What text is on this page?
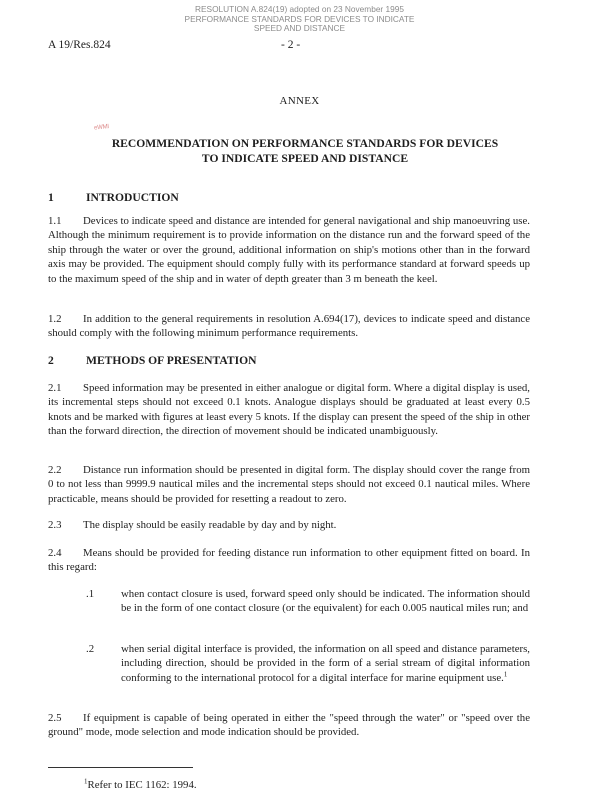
RESOLUTION A.824(19) adopted on 23 November 1995
PERFORMANCE STANDARDS FOR DEVICES TO INDICATE
SPEED AND DISTANCE
A 19/Res.824	- 2 -
ANNEX
ᵉᵂᴹᴵ
RECOMMENDATION ON PERFORMANCE STANDARDS FOR DEVICES
TO INDICATE SPEED AND DISTANCE
1	INTRODUCTION
1.1 Devices to indicate speed and distance are intended for general navigational and ship manoeuvring use. Although the minimum requirement is to provide information on the distance run and the forward speed of the ship through the water or over the ground, additional information on ship's motions other than in the forward axis may be provided. The equipment should comply fully with its performance standard at forward speeds up to the maximum speed of the ship and in water of depth greater than 3 m beneath the keel.
1.2 In addition to the general requirements in resolution A.694(17), devices to indicate speed and distance should comply with the following minimum performance requirements.
2	METHODS OF PRESENTATION
2.1 Speed information may be presented in either analogue or digital form. Where a digital display is used, its incremental steps should not exceed 0.1 knots. Analogue displays should be graduated at least every 0.5 knots and be marked with figures at least every 5 knots. If the display can present the speed of the ship in other than the forward direction, the direction of movement should be indicated unambiguously.
2.2 Distance run information should be presented in digital form. The display should cover the range from 0 to not less than 9999.9 nautical miles and the incremental steps should not exceed 0.1 nautical miles. Where practicable, means should be provided for resetting a readout to zero.
2.3 The display should be easily readable by day and by night.
2.4 Means should be provided for feeding distance run information to other equipment fitted on board. In this regard:
.1 when contact closure is used, forward speed only should be indicated. The information should be in the form of one contact closure (or the equivalent) for each 0.005 nautical miles run; and
.2 when serial digital interface is provided, the information on all speed and distance parameters, including direction, should be provided in the form of a serial stream of digital information conforming to the international protocol for a digital interface for marine equipment use.$^1$
2.5 If equipment is capable of being operated in either the "speed through the water" or "speed over the ground" mode, mode selection and mode indication should be provided.
$^1$Refer to IEC 1162: 1994.
